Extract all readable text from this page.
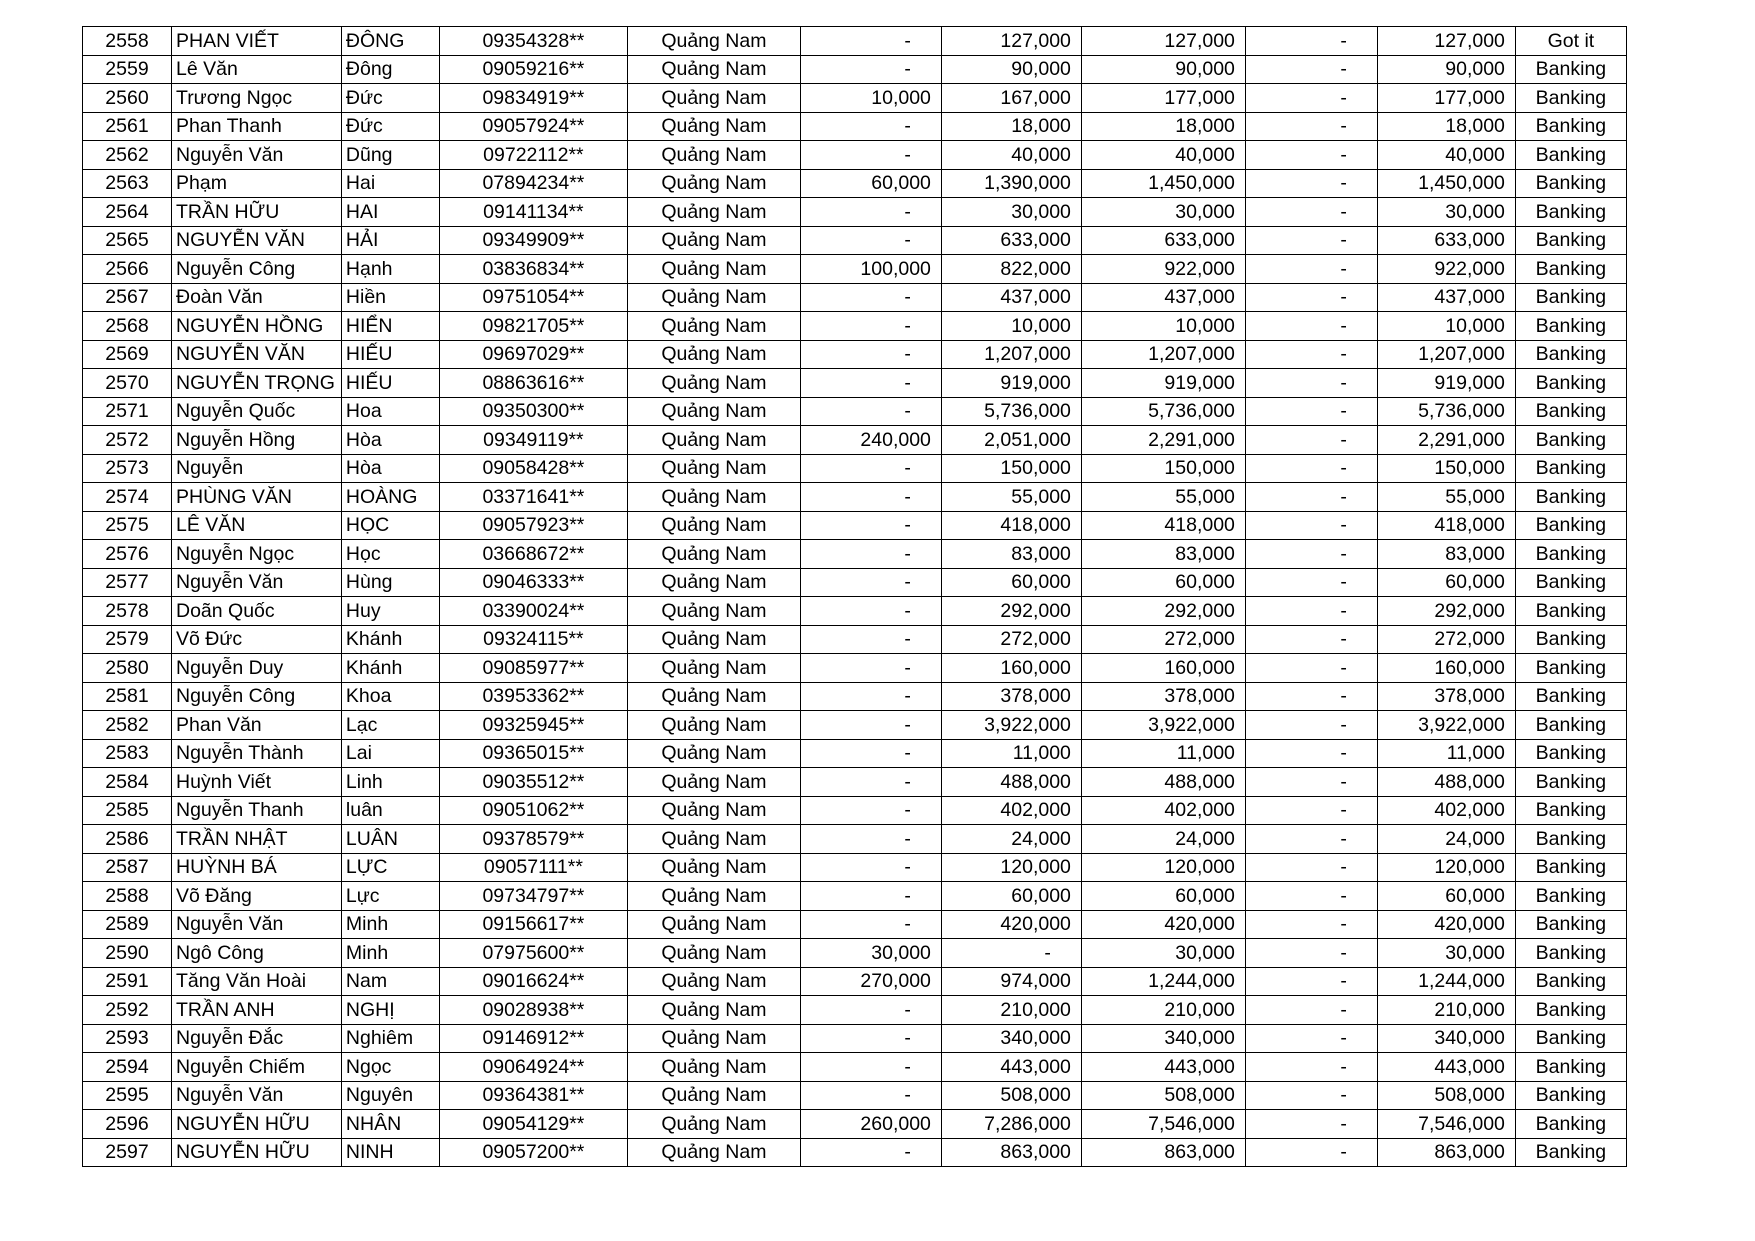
2558	PHAN VIẾT	ĐÔNG	09354328**	Quảng Nam	-	127,000	127,000	-	127,000	Got it
2559	Lê Văn	Đông	09059216**	Quảng Nam	-	90,000	90,000	-	90,000	Banking
2560	Trương Ngọc	Đức	09834919**	Quảng Nam	10,000	167,000	177,000	-	177,000	Banking
2561	Phan Thanh	Đức	09057924**	Quảng Nam	-	18,000	18,000	-	18,000	Banking
2562	Nguyễn Văn	Dũng	09722112**	Quảng Nam	-	40,000	40,000	-	40,000	Banking
2563	Phạm	Hai	07894234**	Quảng Nam	60,000	1,390,000	1,450,000	-	1,450,000	Banking
2564	TRẦN HỮU	HAI	09141134**	Quảng Nam	-	30,000	30,000	-	30,000	Banking
2565	NGUYỄN VĂN	HẢI	09349909**	Quảng Nam	-	633,000	633,000	-	633,000	Banking
2566	Nguyễn Công	Hạnh	03836834**	Quảng Nam	100,000	822,000	922,000	-	922,000	Banking
2567	Đoàn Văn	Hiền	09751054**	Quảng Nam	-	437,000	437,000	-	437,000	Banking
2568	NGUYỄN HỒNG	HIỂN	09821705**	Quảng Nam	-	10,000	10,000	-	10,000	Banking
2569	NGUYỄN VĂN	HIẾU	09697029**	Quảng Nam	-	1,207,000	1,207,000	-	1,207,000	Banking
2570	NGUYỄN TRỌNG	HIẾU	08863616**	Quảng Nam	-	919,000	919,000	-	919,000	Banking
2571	Nguyễn Quốc	Hoa	09350300**	Quảng Nam	-	5,736,000	5,736,000	-	5,736,000	Banking
2572	Nguyễn Hồng	Hòa	09349119**	Quảng Nam	240,000	2,051,000	2,291,000	-	2,291,000	Banking
2573	Nguyễn	Hòa	09058428**	Quảng Nam	-	150,000	150,000	-	150,000	Banking
2574	PHÙNG VĂN	HOÀNG	03371641**	Quảng Nam	-	55,000	55,000	-	55,000	Banking
2575	LÊ VĂN	HỌC	09057923**	Quảng Nam	-	418,000	418,000	-	418,000	Banking
2576	Nguyễn Ngọc	Học	03668672**	Quảng Nam	-	83,000	83,000	-	83,000	Banking
2577	Nguyễn Văn	Hùng	09046333**	Quảng Nam	-	60,000	60,000	-	60,000	Banking
2578	Doãn Quốc	Huy	03390024**	Quảng Nam	-	292,000	292,000	-	292,000	Banking
2579	Võ Đức	Khánh	09324115**	Quảng Nam	-	272,000	272,000	-	272,000	Banking
2580	Nguyễn Duy	Khánh	09085977**	Quảng Nam	-	160,000	160,000	-	160,000	Banking
2581	Nguyễn Công	Khoa	03953362**	Quảng Nam	-	378,000	378,000	-	378,000	Banking
2582	Phan Văn	Lạc	09325945**	Quảng Nam	-	3,922,000	3,922,000	-	3,922,000	Banking
2583	Nguyễn Thành	Lai	09365015**	Quảng Nam	-	11,000	11,000	-	11,000	Banking
2584	Huỳnh Viết	Linh	09035512**	Quảng Nam	-	488,000	488,000	-	488,000	Banking
2585	Nguyễn Thanh	luân	09051062**	Quảng Nam	-	402,000	402,000	-	402,000	Banking
2586	TRẦN NHẬT	LUÂN	09378579**	Quảng Nam	-	24,000	24,000	-	24,000	Banking
2587	HUỲNH BÁ	LỰC	09057111**	Quảng Nam	-	120,000	120,000	-	120,000	Banking
2588	Võ Đăng	Lực	09734797**	Quảng Nam	-	60,000	60,000	-	60,000	Banking
2589	Nguyễn Văn	Minh	09156617**	Quảng Nam	-	420,000	420,000	-	420,000	Banking
2590	Ngô Công	Minh	07975600**	Quảng Nam	30,000	-	30,000	-	30,000	Banking
2591	Tăng Văn Hoài	Nam	09016624**	Quảng Nam	270,000	974,000	1,244,000	-	1,244,000	Banking
2592	TRẦN ANH	NGHỊ	09028938**	Quảng Nam	-	210,000	210,000	-	210,000	Banking
2593	Nguyễn Đắc	Nghiêm	09146912**	Quảng Nam	-	340,000	340,000	-	340,000	Banking
2594	Nguyễn Chiếm	Ngọc	09064924**	Quảng Nam	-	443,000	443,000	-	443,000	Banking
2595	Nguyễn Văn	Nguyên	09364381**	Quảng Nam	-	508,000	508,000	-	508,000	Banking
2596	NGUYỄN HỮU	NHÂN	09054129**	Quảng Nam	260,000	7,286,000	7,546,000	-	7,546,000	Banking
2597	NGUYỄN HỮU	NINH	09057200**	Quảng Nam	-	863,000	863,000	-	863,000	Banking
